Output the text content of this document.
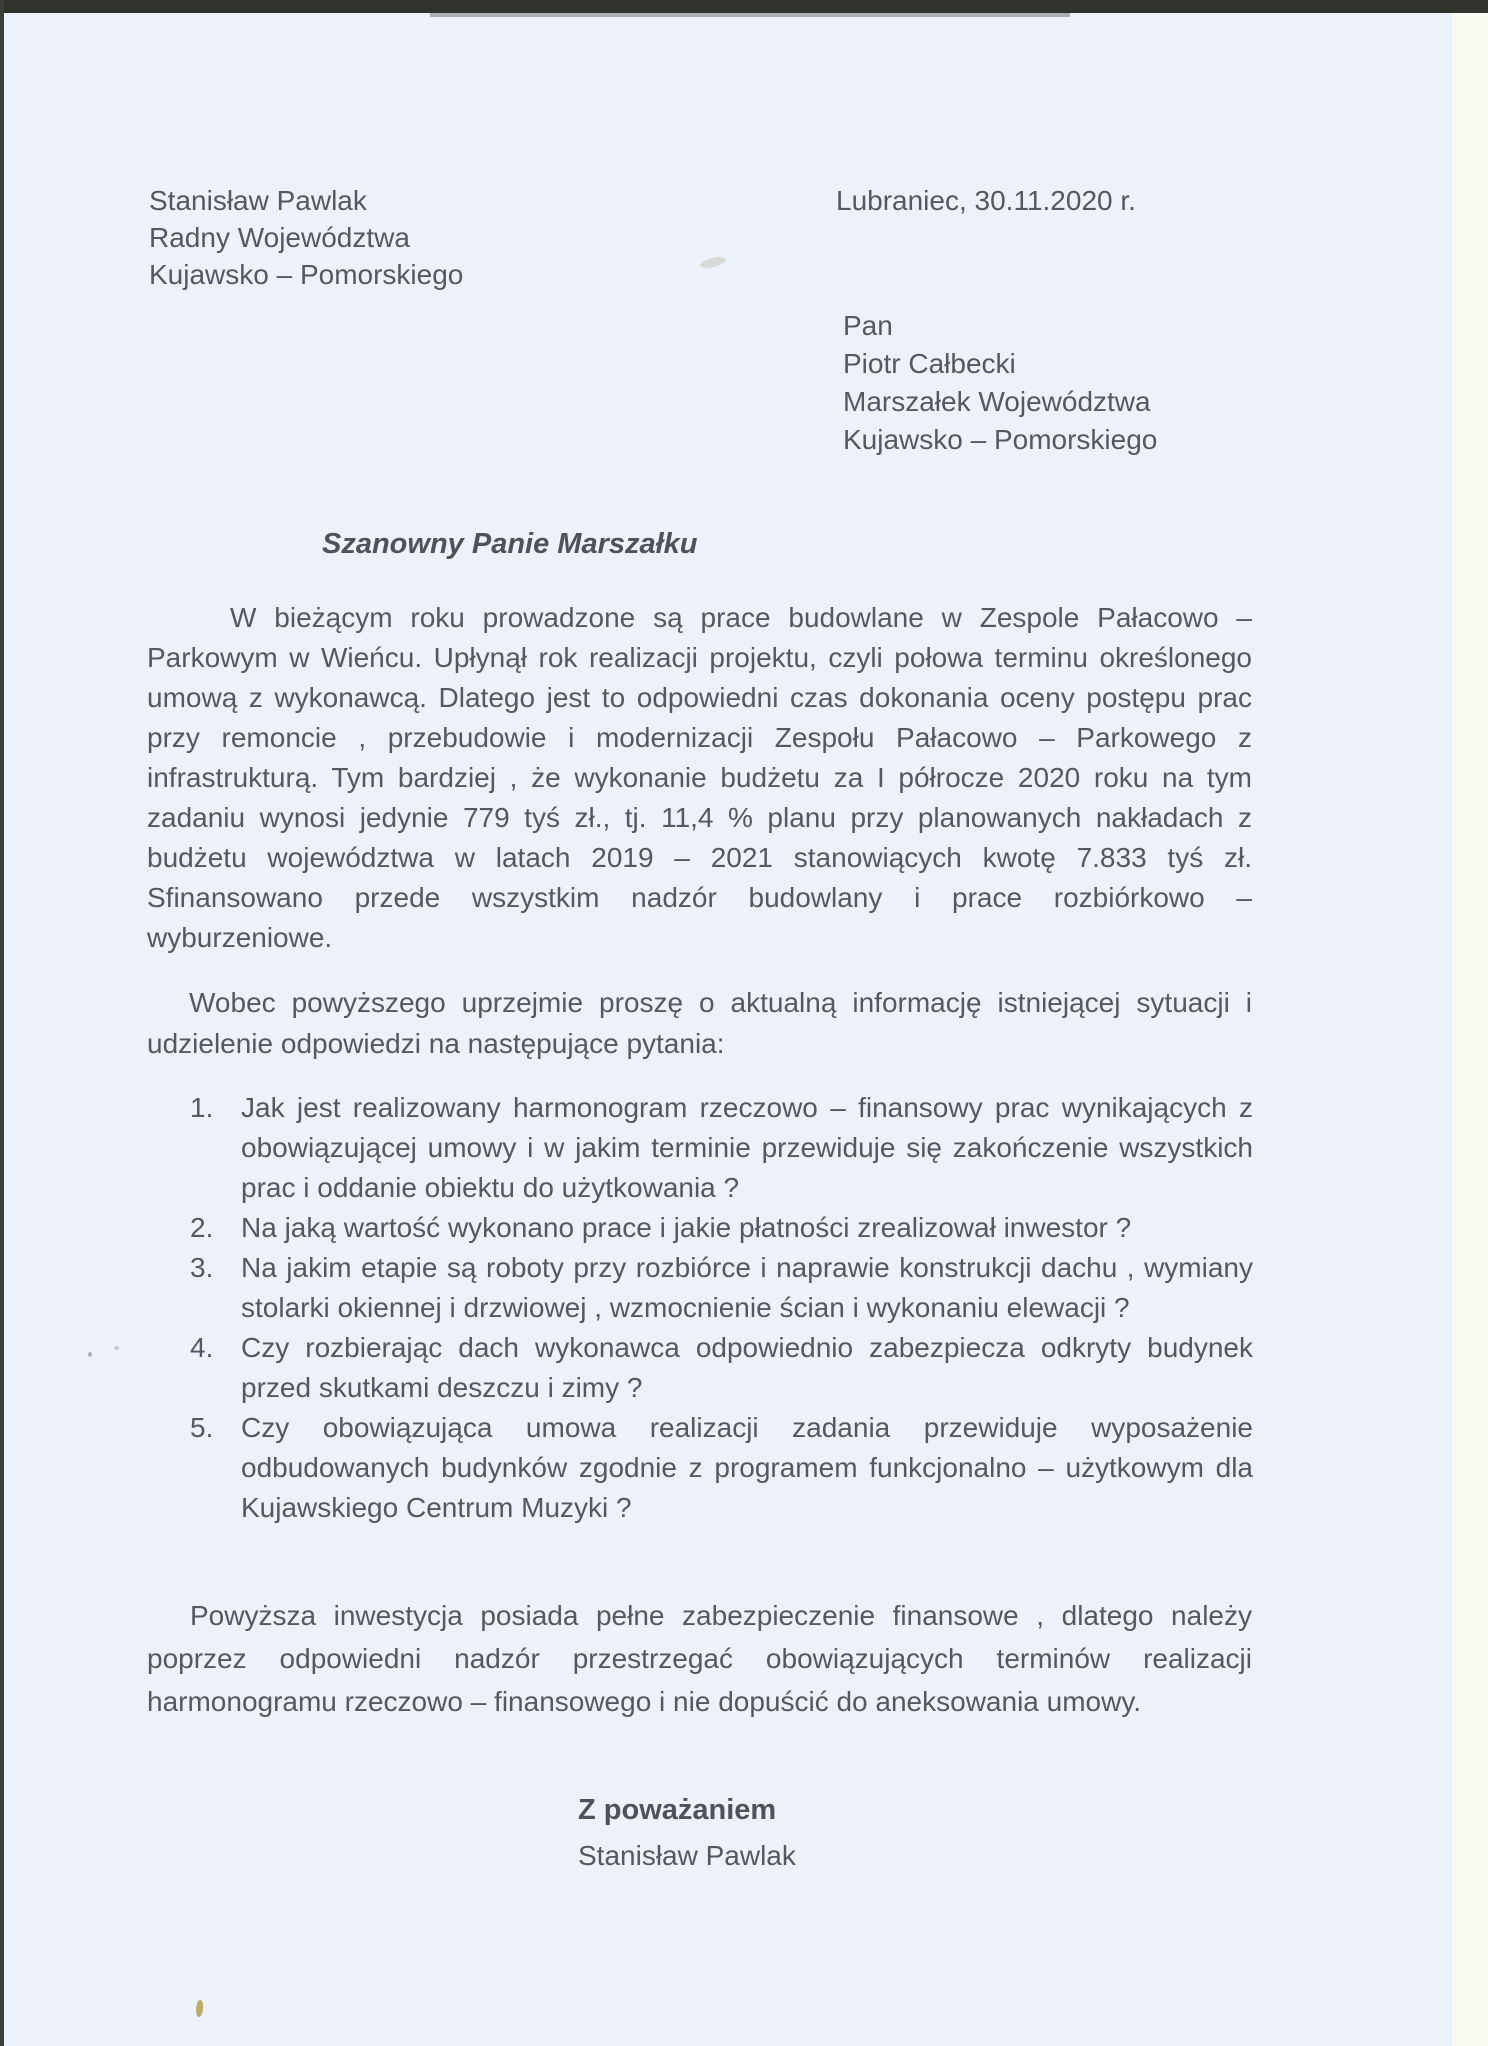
Stanisław Pawlak
Radny Województwa
Kujawsko – Pomorskiego
Lubraniec, 30.11.2020 r.
Pan
Piotr Całbecki
Marszałek Województwa
Kujawsko – Pomorskiego
Szanowny Panie Marszałku
W bieżącym roku prowadzone są prace budowlane w Zespole Pałacowo – Parkowym w Wieńcu. Upłynął rok realizacji projektu, czyli połowa terminu określonego umową z wykonawcą. Dlatego jest to odpowiedni czas dokonania oceny postępu prac przy remoncie , przebudowie i modernizacji Zespołu Pałacowo – Parkowego z infrastrukturą. Tym bardziej , że wykonanie budżetu za I półrocze 2020 roku na tym zadaniu wynosi jedynie 779 tyś zł., tj. 11,4 % planu przy planowanych nakładach z budżetu województwa w latach 2019 – 2021 stanowiących kwotę 7.833 tyś zł. Sfinansowano przede wszystkim nadzór budowlany i prace rozbiórkowo – wyburzeniowe.
Wobec powyższego uprzejmie proszę o aktualną informację istniejącej sytuacji i udzielenie odpowiedzi na następujące pytania:
1. Jak jest realizowany harmonogram rzeczowo – finansowy prac wynikających z obowiązującej umowy i w jakim terminie przewiduje się zakończenie wszystkich prac i oddanie obiektu do użytkowania ?
2. Na jaką wartość wykonano prace i jakie płatności zrealizował inwestor ?
3. Na jakim etapie są roboty przy rozbiórce i naprawie konstrukcji dachu , wymiany stolarki okiennej i drzwiowej , wzmocnienie ścian i wykonaniu elewacji ?
4. Czy rozbierając dach wykonawca odpowiednio zabezpiecza odkryty budynek przed skutkami deszczu i zimy ?
5. Czy obowiązująca umowa realizacji zadania przewiduje wyposażenie odbudowanych budynków zgodnie z programem funkcjonalno – użytkowym dla Kujawskiego Centrum Muzyki ?
Powyższa inwestycja posiada pełne zabezpieczenie finansowe , dlatego należy poprzez odpowiedni nadzór przestrzegać obowiązujących terminów realizacji harmonogramu rzeczowo – finansowego i nie dopuścić do aneksowania umowy.
Z poważaniem
Stanisław Pawlak
